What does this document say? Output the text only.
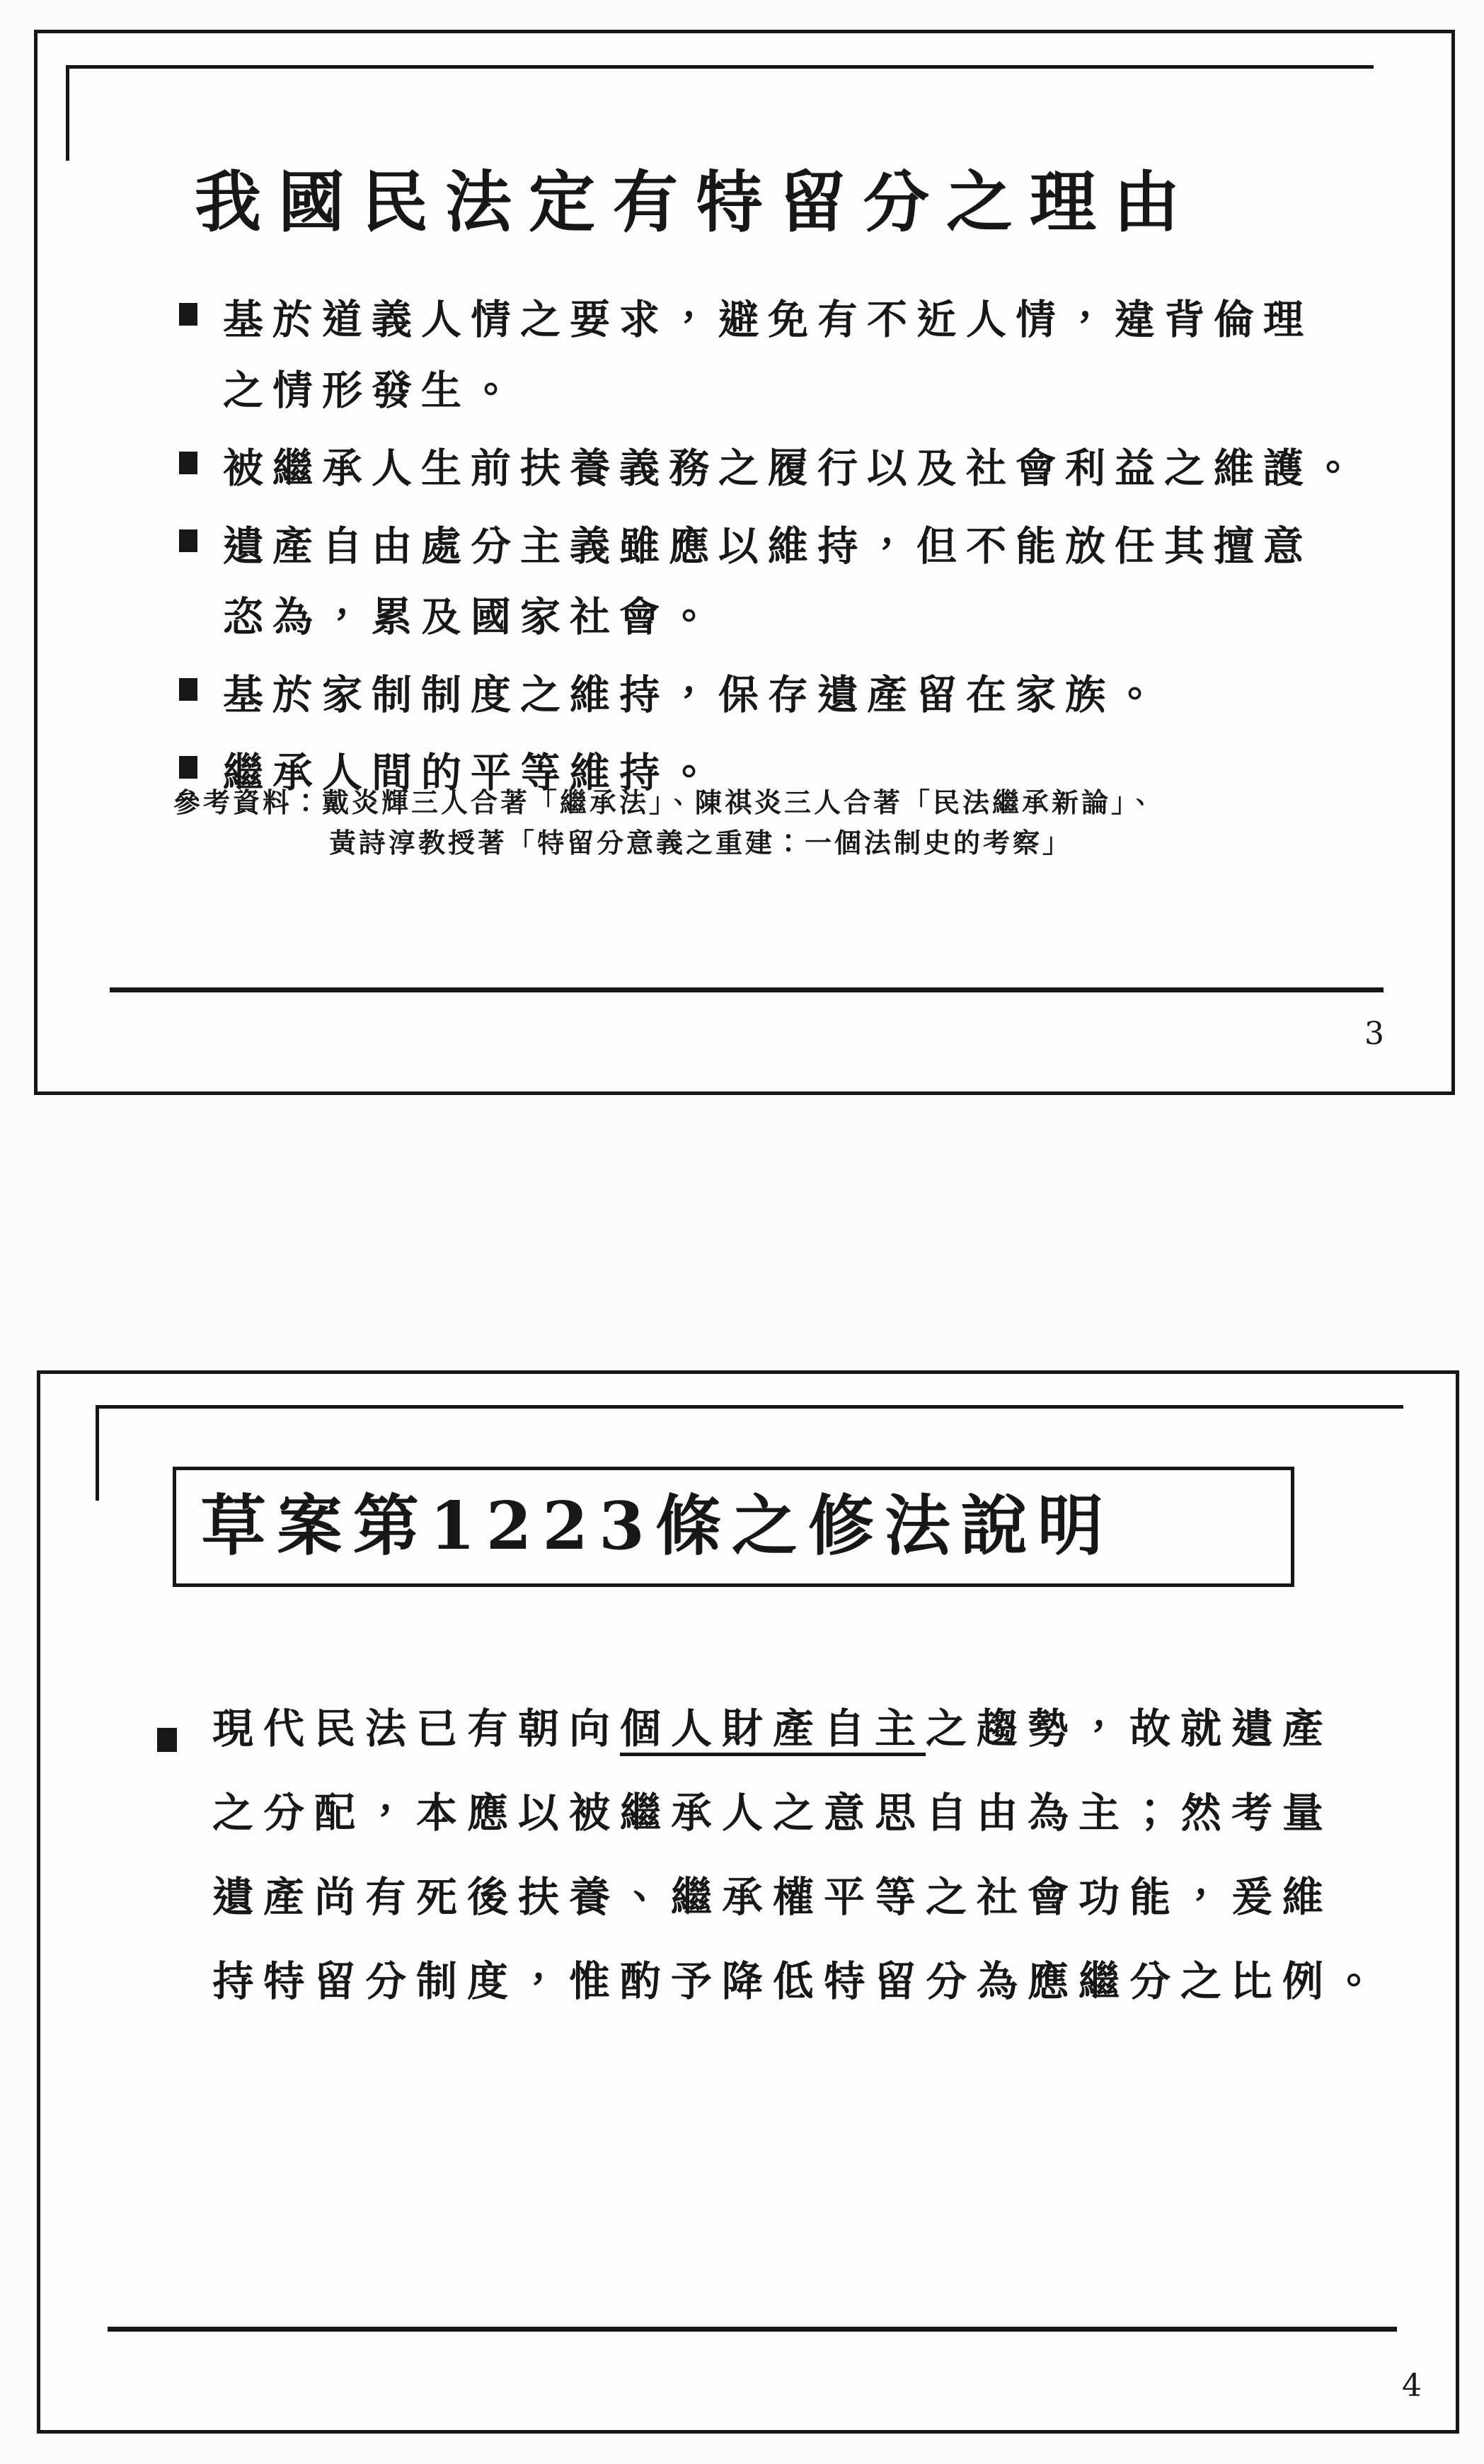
我國民法定有特留分之理由
基於道義人情之要求，避免有不近人情，違背倫理
之情形發生。
被繼承人生前扶養義務之履行以及社會利益之維護。
遺產自由處分主義雖應以維持，但不能放任其擅意
恣為，累及國家社會。
基於家制制度之維持，保存遺產留在家族。
繼承人間的平等維持。
參考資料：戴炎輝三人合著「繼承法」、陳祺炎三人合著「民法繼承新論」、
黃詩淳教授著「特留分意義之重建：一個法制史的考察」
3
草案第1223條之修法說明
現代民法已有朝向個人財產自主之趨勢，故就遺產
之分配，本應以被繼承人之意思自由為主；然考量
遺產尚有死後扶養、繼承權平等之社會功能，爰維
持特留分制度，惟酌予降低特留分為應繼分之比例。
4
